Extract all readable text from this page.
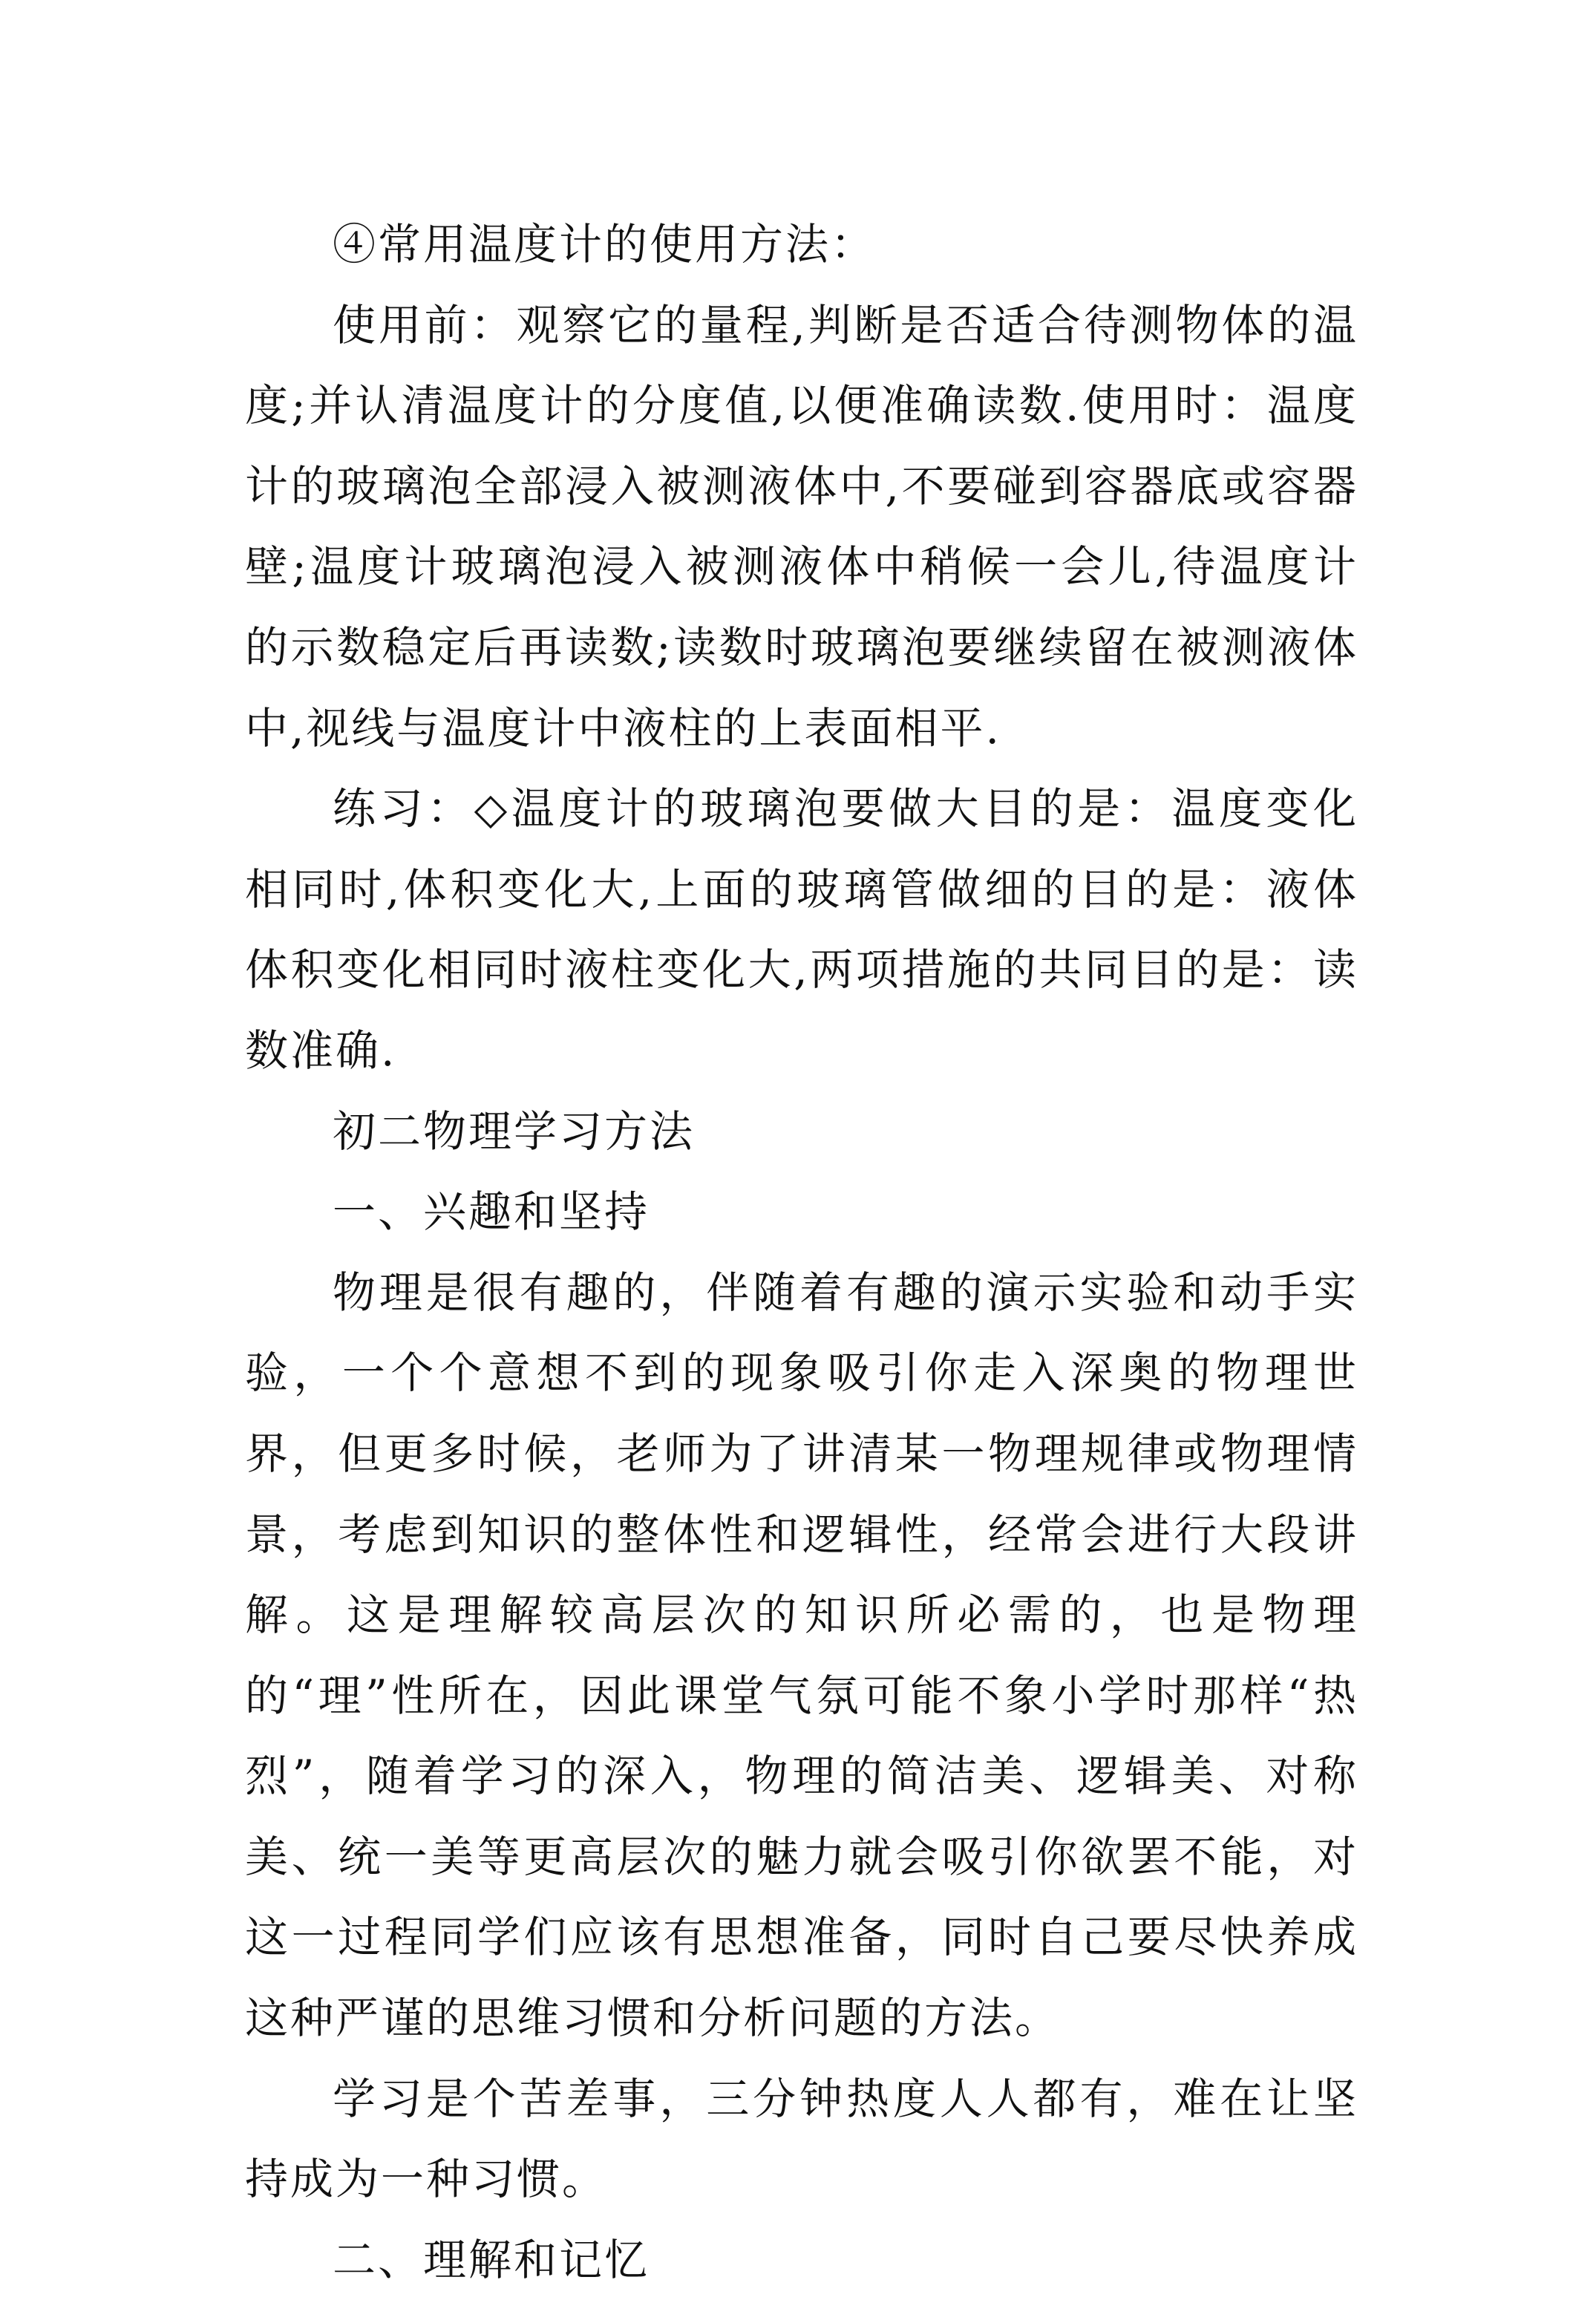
④常用温度计的使用方法：

使用前：观察它的量程,判断是否适合待测物体的温度;并认清温度计的分度值,以便准确读数.使用时：温度计的玻璃泡全部浸入被测液体中,不要碰到容器底或容器壁;温度计玻璃泡浸入被测液体中稍候一会儿,待温度计的示数稳定后再读数;读数时玻璃泡要继续留在被测液体中,视线与温度计中液柱的上表面相平.

练习：◇温度计的玻璃泡要做大目的是：温度变化相同时,体积变化大,上面的玻璃管做细的目的是：液体体积变化相同时液柱变化大,两项措施的共同目的是：读数准确.

初二物理学习方法

一、兴趣和坚持

物理是很有趣的，伴随着有趣的演示实验和动手实验，一个个意想不到的现象吸引你走入深奥的物理世界，但更多时候，老师为了讲清某一物理规律或物理情景，考虑到知识的整体性和逻辑性，经常会进行大段讲解。这是理解较高层次的知识所必需的，也是物理的“理”性所在，因此课堂气氛可能不象小学时那样“热烈”，随着学习的深入，物理的简洁美、逻辑美、对称美、统一美等更高层次的魅力就会吸引你欲罢不能，对这一过程同学们应该有思想准备，同时自己要尽快养成这种严谨的思维习惯和分析问题的方法。

学习是个苦差事，三分钟热度人人都有，难在让坚持成为一种习惯。

二、理解和记忆
